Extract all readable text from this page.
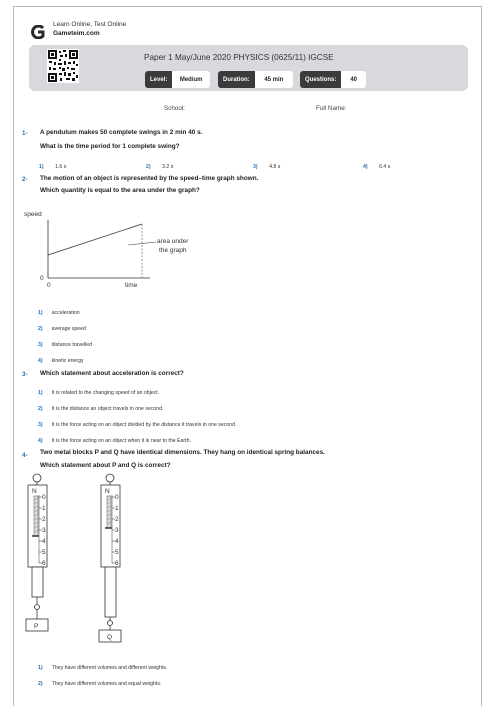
Learn Online, Test Online
Gameteim.com
Paper 1 May/June 2020 PHYSICS (0625/11) IGCSE
Level:	Medium	Duration:	45 min	Questions:	40
School:	Full Name:
1- A pendulum makes 50 complete swings in 2 min 40 s.
What is the time period for 1 complete swing?
1) 1.6 s	2) 3.2 s	3) 4.8 s	4) 6.4 s
2- The motion of an object is represented by the speed–time graph shown.
Which quantity is equal to the area under the graph?
speed
area under
the graph
0
0	time
1) acceleration
2) average speed
3) distance travelled
4) kinetic energy
3- Which statement about acceleration is correct?
1) It is related to the changing speed of an object.
2) It is the distance an object travels in one second.
3) It is the force acting on an object divided by the distance it travels in one second.
4) It is the force acting on an object when it is near to the Earth.
4- Two metal blocks P and Q have identical dimensions. They hang on identical spring balances.
Which statement about P and Q is correct?
N
0
1
2
3
4
5
6
P
N
0
1
2
3
4
5
6
Q
1) They have different volumes and different weights.
2) They have different volumes and equal weights.
